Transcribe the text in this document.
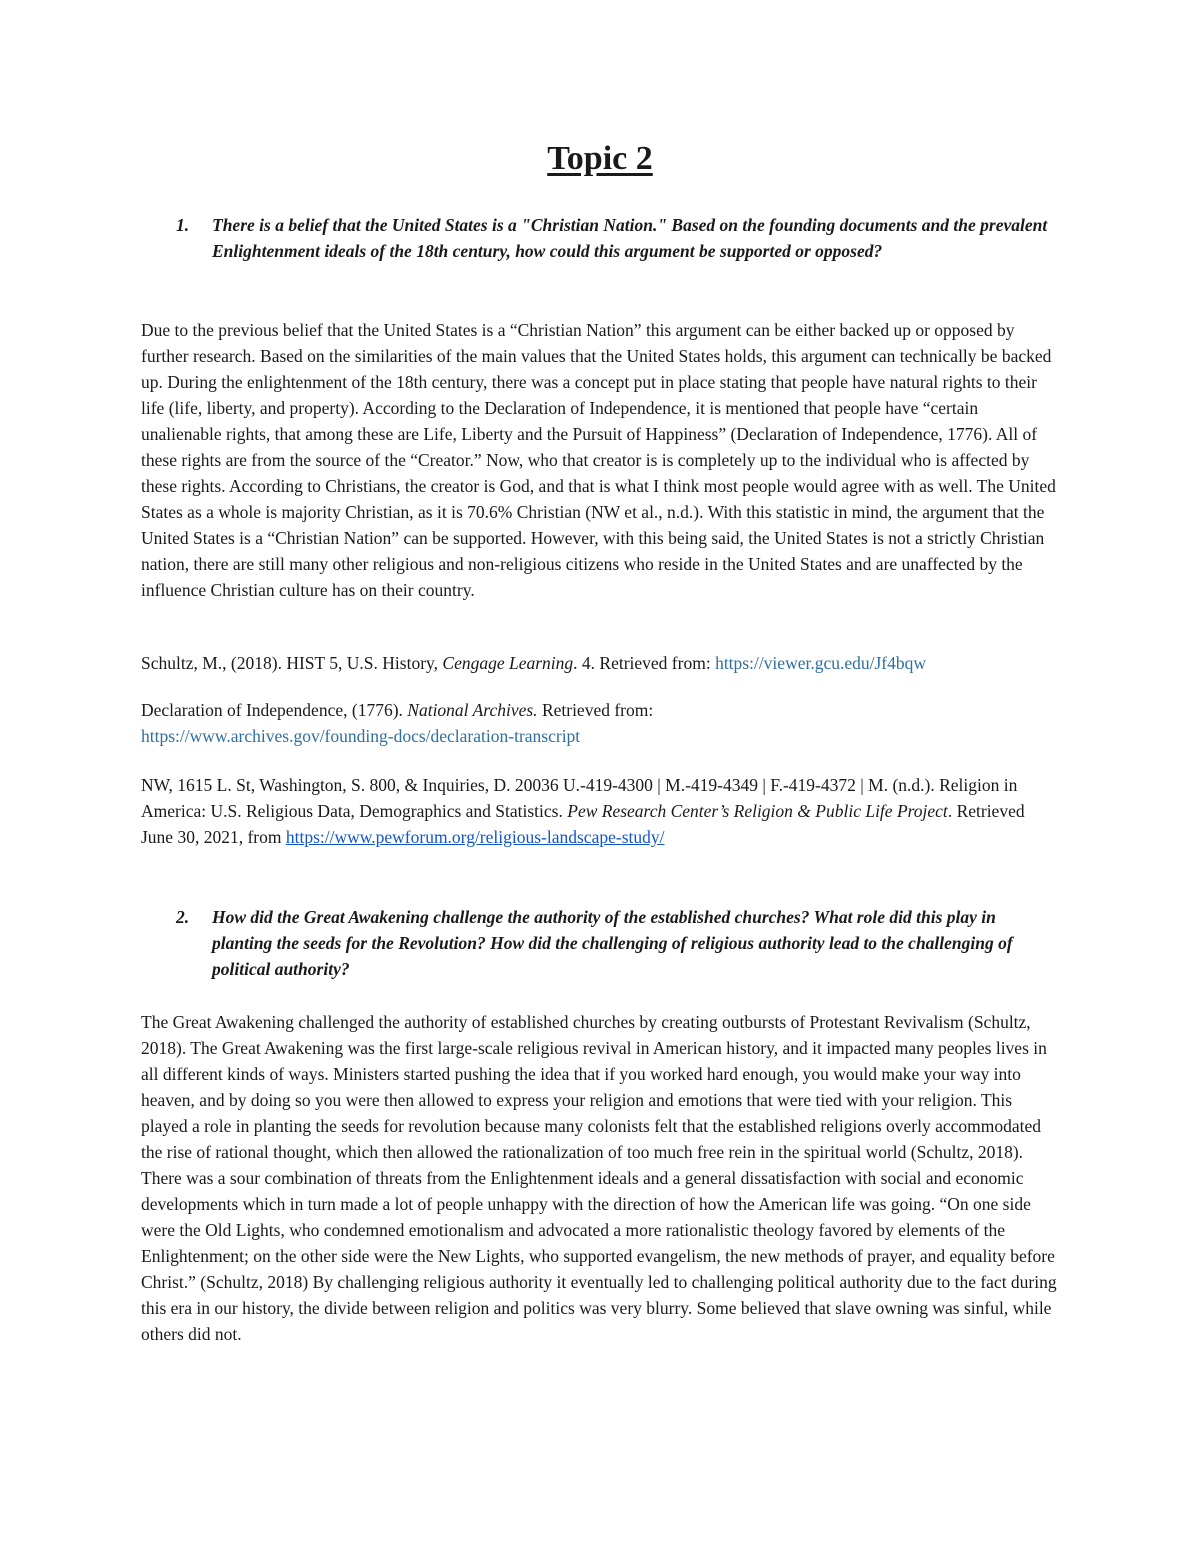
Topic 2
1. There is a belief that the United States is a "Christian Nation." Based on the founding documents and the prevalent Enlightenment ideals of the 18th century, how could this argument be supported or opposed?

Due to the previous belief that the United States is a “Christian Nation” this argument can be either backed up or opposed by further research. Based on the similarities of the main values that the United States holds, this argument can technically be backed up. During the enlightenment of the 18th century, there was a concept put in place stating that people have natural rights to their life (life, liberty, and property). According to the Declaration of Independence, it is mentioned that people have “certain unalienable rights, that among these are Life, Liberty and the Pursuit of Happiness” (Declaration of Independence, 1776). All of these rights are from the source of the “Creator.” Now, who that creator is is completely up to the individual who is affected by these rights. According to Christians, the creator is God, and that is what I think most people would agree with as well. The United States as a whole is majority Christian, as it is 70.6% Christian (NW et al., n.d.). With this statistic in mind, the argument that the United States is a “Christian Nation” can be supported. However, with this being said, the United States is not a strictly Christian nation, there are still many other religious and non-religious citizens who reside in the United States and are unaffected by the influence Christian culture has on their country.

Schultz, M., (2018). HIST 5, U.S. History, Cengage Learning. 4. Retrieved from: https://viewer.gcu.edu/Jf4bqw

Declaration of Independence, (1776). National Archives. Retrieved from:
https://www.archives.gov/founding-docs/declaration-transcript

NW, 1615 L. St, Washington, S. 800, & Inquiries, D. 20036 U.-419-4300 | M.-419-4349 | F.-419-4372 | M. (n.d.). Religion in America: U.S. Religious Data, Demographics and Statistics. Pew Research Center’s Religion & Public Life Project. Retrieved June 30, 2021, from https://www.pewforum.org/religious-landscape-study/

2. How did the Great Awakening challenge the authority of the established churches? What role did this play in planting the seeds for the Revolution? How did the challenging of religious authority lead to the challenging of political authority?

The Great Awakening challenged the authority of established churches by creating outbursts of Protestant Revivalism (Schultz, 2018). The Great Awakening was the first large-scale religious revival in American history, and it impacted many peoples lives in all different kinds of ways. Ministers started pushing the idea that if you worked hard enough, you would make your way into heaven, and by doing so you were then allowed to express your religion and emotions that were tied with your religion. This played a role in planting the seeds for revolution because many colonists felt that the established religions overly accommodated the rise of rational thought, which then allowed the rationalization of too much free rein in the spiritual world (Schultz, 2018). There was a sour combination of threats from the Enlightenment ideals and a general dissatisfaction with social and economic developments which in turn made a lot of people unhappy with the direction of how the American life was going. “On one side were the Old Lights, who condemned emotionalism and advocated a more rationalistic theology favored by elements of the Enlightenment; on the other side were the New Lights, who supported evangelism, the new methods of prayer, and equality before Christ.” (Schultz, 2018) By challenging religious authority it eventually led to challenging political authority due to the fact during this era in our history, the divide between religion and politics was very blurry. Some believed that slave owning was sinful, while others did not.
